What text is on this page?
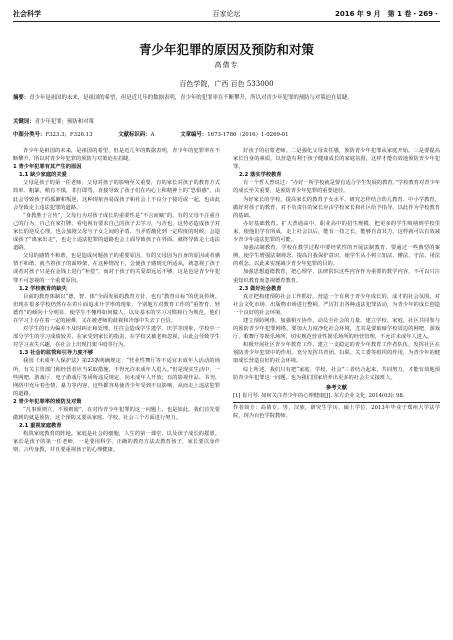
社会科学	百家论坛	2016 年 9 月　第 1 卷・269・
青少年犯罪的原因及预防和对策
高倩专
百色学院，广西 百色 533000
摘要：青少年是祖国的未来，是祖国的希望，但是近几年的数据表明，青少年的犯罪率在不断攀升，所以对青少年犯罪的预防与对策迫在眉睫。
关键词：青少年犯罪；预防和对策
中图分类号：F323.3；F326.13	文献标识码：A	文章编号：1673-1786（2016）1-0269-01

青少年是祖国的未来，是祖国的希望，但是近几年的数据表明，青少年的犯罪率在不断攀升，所以对青少年犯罪的预防与对策迫在眉睫。

1 青少年犯罪有其产生的原因

1.1 缺少家庭的关爱

父母是孩子的第一任老师，父母对孩子的影响至关重要，有的家长对孩子的教育方式简单、粗暴，稍有不慎，非打即骂，直接导致了孩子们在内心上和精神上的“恐惧感”，由此会导致孩子的孤僻和叛逆，这种现象容易成孩子和社会上不良分子接近或一起，也由此会导致走上违法犯罪的道路。

“身教胜于言传”，父母行为对孩子成长的重要性是“不言而喻”的。有的父母不注重自己的行为，自己在家打牌、看电视有要求自己的孩子去学习，与否也，这势必造成孩子对家长的逆反心理，也会加剧父母与子女之间的矛盾。当矛盾激化到一定程度的时候，会造成孩子“离家出走”，也走上违法犯罪的道路也会上面导致孩子在外面，就终导致走上违法道路。

父母的感情不和谐，也是造成问题孩子的重要原因，有的父母因为自身的原因或者感情不和谐，就当着孩子的面吵架，在这种情况下，会使孩子感到无所适从，就忽视了孩子或者对孩子只是在金钱上进行“补偿”，而对于孩子的关爱却远远不够，这是也是青少年犯罪不可忽视的一个重要原因。

1.2 学校教育的缺失

目前的教育体制以“德、智、体”全面发展的教育方针，也有“教育目标”的优良传统。但现在很多学校仍然存在着片面追求升学率的现象，个别地方对教育工作的“重智育、轻德育”的倾向十分明显，使学生不懂得如何做人，以及基本的学习习惯和行为规范。他们在学习上存在着一定的困难，又在被老师的歧视和冷落中失去了自信。

对学生的行为偏差不及时纠正和处理，往往会造成学生逃学、厌学等现象，学校中一部分学生的学习成绩较差，在家受到家长的指责，在学校又被老师忽视，由此会导致学生对学习丧失兴趣，在社会上出现打架斗殴等行为。

1.3 社会的监管和引导力度不够

我国《未成年人保护法》第23条明确规定：“营业性舞厅等不适宜未成年人活动的场所，有关主管部门和经营者应当采取措施，不得允许未成年人进入。”但是现实生活中，一些网吧、游戏厅、电子游戏厅等场所违反规定，向未成年人开放；有的影视作品、书刊、网络中充斥着色情、暴力等内容，这些都容易使青少年受到不良影响，从而走上违法犯罪的道路。

2 青少年犯罪率的预防及对策

“凡事预则立，不预则废”，在对待青少年犯罪的这一问题上，也是如此，我们首先要做到的就是预防，这个预防又要从家庭、学校、社会三个方面进行努力。

2.1 重视家庭教育

构筑家庭教育的阵地。家庭是社会的细胞，人生的第一课堂，以及孩子成长的摇篮。家长是孩子的第一任老师，一是要用科学、正确的教育方法去教育孩子，家长要以身作则，言传身教，并且要重视孩子的心理健康。

好孩子的启蒙老师。二是强化父母责任感，预防青少年犯罪从家庭开始。三是要提高家长自身的素质，以营造有利于孩子健康成长的家庭氛围，这样才能有效地预防青少年犯罪。

2.2 落实学校教育

有一个哲人曾说过：“办好一所学校就是要有适合学生发展的教育。”学校教育对青少年的成长至关重要，是预防青少年犯罪的重要途径。

为好家长的学校，提高家长的教育子女水平。研究怎样结合幼儿教育、中小学教育，做好对孩子的教育，对不负责任的家长应由学校家长和社区给予指导。以此作为学校教育的基础。

办好基础教育。扩大普通高中、职业高中的招生规模，把更多的学生吸纳到学校里来，使他们学有所成，走上社会以后，能有一技之长，能够自食其力，这样就可以有效减少青少年违法犯罪的可能。

加强法制教育，学校在教学过程中要经常性的开展法制教育，要通过一些典型的案例，使学生增强法制观念，提高自我保护意识，使学生从小树立知法、懂法、守法、用法的观念。以此来实现减少青少年犯罪的目的。

加强思想道德教育，把心理学、法律常识这些内容作为重要的教学内容，不可以只注重知识教育而忽视德育教育。

2.3 做好社会教育

真正把构建预防社会工作抓好。营造一个有利于青少年成长的、成才的社会氛围。对社会文化市场、出版物市场进行整顿，严厉打击各种违法犯罪活动，为青少年的成长创造一个良好的社会环境。

建立预防网络。加强相互协作，动员全社会的力量，建立学校、家庭、社区共同参与的预防青少年犯罪网络。要加大力度净化社会环境，尤其是要取缔学校周边的网吧、游戏厅、歌舞厅等娱乐场所，切实规范营业性娱乐场所的经营管理，不允许未成年人进入。

积极开展社区青少年教育工作，建立一支稳定的青少年教育工作者队伍，发挥社区在预防青少年犯罪中的作用。充分发挥共青团、妇联、关工委等组织的作用，为青少年的健康成长营造良好的社会环境。

综上所述，我们只有把“家庭、学校、社会”三者结合起来，共同努力，才能有效地预防青少年犯罪这一问题，也为我们国家培养出更多的社会主义接班人。

参考文献

[1] 崔月琴. 如何关注青少年的心理健康[J]. 东方企业文化, 2014(03): 98.

作者简介：高倩专，男，汉族，研究生学历，硕士学位，2013年毕业于郑州大学法学院，现为百色学院教师。
